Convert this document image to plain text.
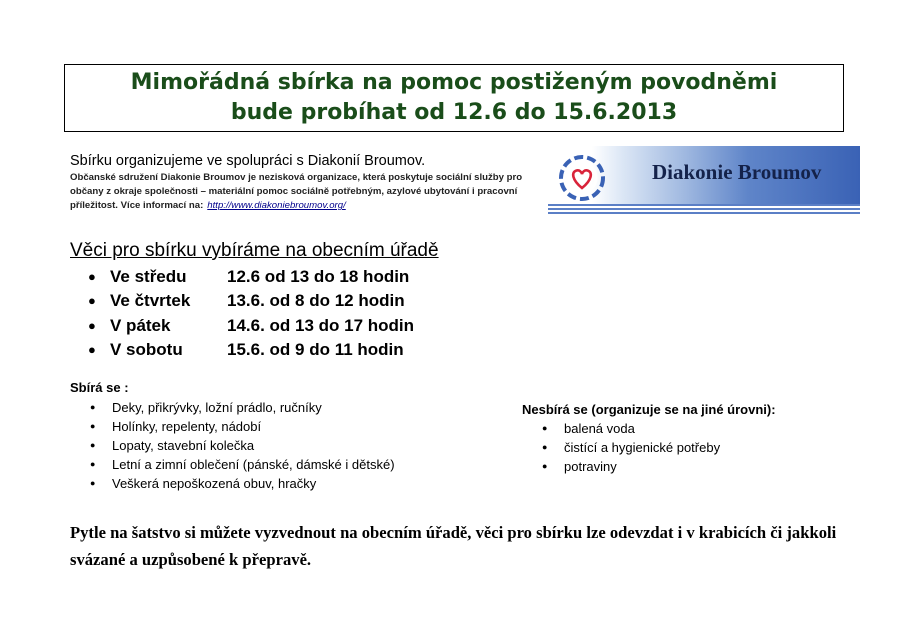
Mimořádná sbírka na pomoc postiženým povodněmi
bude probíhat od 12.6 do 15.6.2013
Sbírku organizujeme ve spolupráci s Diakonií Broumov.
Občanské sdružení Diakonie Broumov je nezisková organizace, která poskytuje sociální služby pro občany z okraje společnosti – materiální pomoc sociálně potřebným, azylové ubytování i pracovní příležitost. Více informací na: http://www.diakoniebroumov.org/
Diakonie Broumov
Věci pro sbírku vybíráme na obecním úřadě
● Ve středu	12.6 od 13 do 18 hodin
● Ve čtvrtek	13.6. od 8 do 12 hodin
● V pátek	14.6. od 13 do 17 hodin
● V sobotu	15.6. od 9 do 11 hodin
Sbírá se :
●	Deky, přikrývky, ložní prádlo, ručníky
●	Holínky, repelenty, nádobí
●	Lopaty, stavební kolečka
●	Letní a zimní oblečení (pánské, dámské i dětské)
●	Veškerá nepoškozená obuv, hračky
Nesbírá se (organizuje se na jiné úrovni):
●	balená voda
●	čistící a hygienické potřeby
●	potraviny
Pytle na šatstvo si můžete vyzvednout na obecním úřadě, věci pro sbírku lze odevzdat i v krabicích či jakkoli svázané a uzpůsobené k přepravě.
